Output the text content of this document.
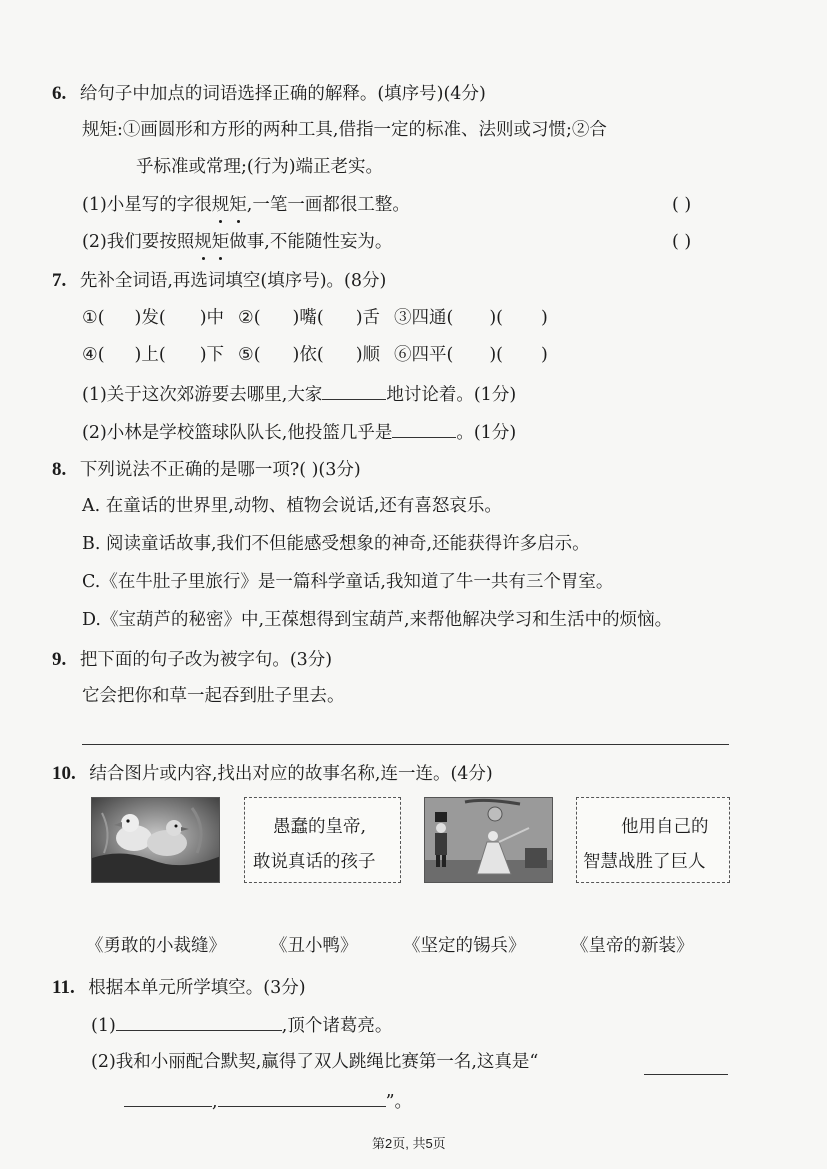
6. 给句子中加点的词语选择正确的解释。(填序号)(4分)
规矩:①画圆形和方形的两种工具,借指一定的标准、法则或习惯;②合
乎标准或常理;(行为)端正老实。
(1)小星写的字很规矩,一笔一画都很工整。	( )
(2)我们要按照规矩做事,不能随性妄为。	( )
7. 先补全词语,再选词填空(填序号)。(8分)
①( )发( )中 ②( )嘴( )舌 ③四通( )( )
④( )上( )下 ⑤( )依( )顺 ⑥四平( )( )
(1)关于这次郊游要去哪里,大家	地讨论着。(1分)
(2)小林是学校篮球队队长,他投篮几乎是	。(1分)
8. 下列说法不正确的是哪一项?( )(3分)
A. 在童话的世界里,动物、植物会说话,还有喜怒哀乐。
B. 阅读童话故事,我们不但能感受想象的神奇,还能获得许多启示。
C.《在牛肚子里旅行》是一篇科学童话,我知道了牛一共有三个胃室。
D.《宝葫芦的秘密》中,王葆想得到宝葫芦,来帮他解决学习和生活中的烦恼。
9. 把下面的句子改为被字句。(3分)
它会把你和草一起吞到肚子里去。
10. 结合图片或内容,找出对应的故事名称,连一连。(4分)
愚蠢的皇帝,
敢说真话的孩子
他用自己的
智慧战胜了巨人
《勇敢的小裁缝》	《丑小鸭》	《坚定的锡兵》	《皇帝的新装》
11. 根据本单元所学填空。(3分)
(1)	,顶个诸葛亮。
(2)我和小丽配合默契,赢得了双人跳绳比赛第一名,这真是“
,	”。
第2页, 共5页
